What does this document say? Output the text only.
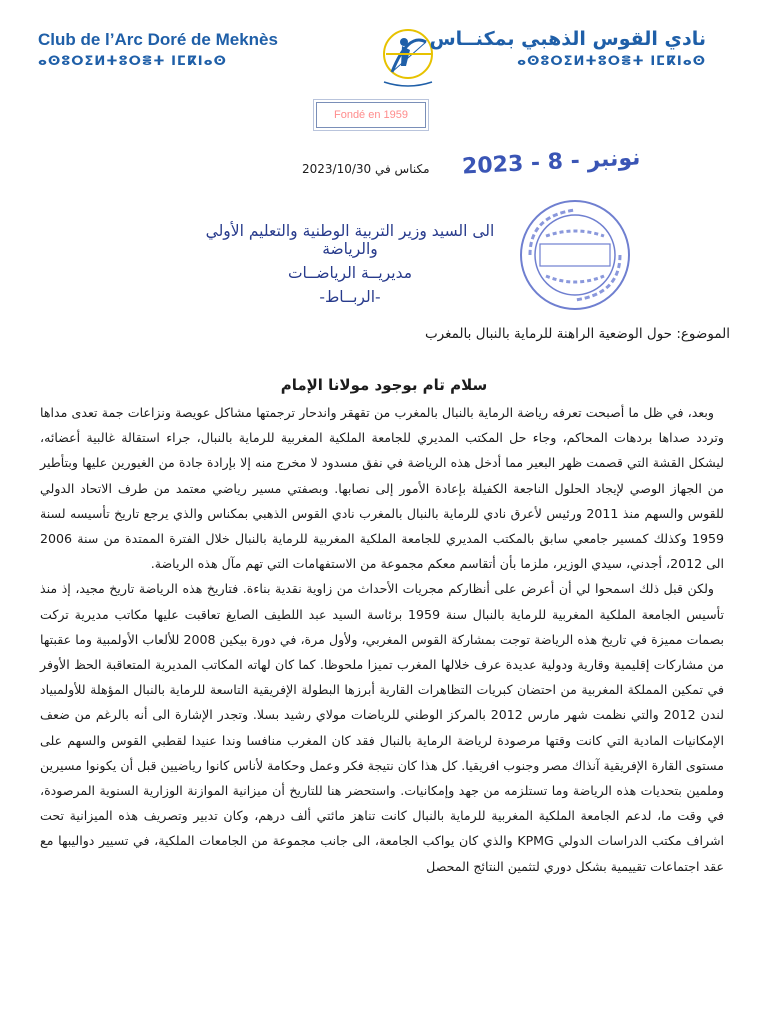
Club de l’Arc Doré de Meknès
ⴰⵙⵓⵔⵉⵍⵜⵓⵔⴻⵜ ⵏⵎⴽⵏⴰⵙ
نادي القوس الذهبي بمكنــاس
ⴰⵙⵓⵔⵉⵍⵜⵓⵔⴻⵜ ⵏⵎⴽⵏⴰⵙ
Fondé en 1959
مكناس في 2023/10/30 2023 - نونبر - 8
الى السيد وزير التربية الوطنية والتعليم الأولي والرياضة
مديريــة الرياضــات
-الربــاط-
الموضوع: حول الوضعية الراهنة للرماية بالنبال بالمغرب
سلام تام بوجود مولانا الإمام

وبعد، في ظل ما أصبحت تعرفه رياضة الرماية بالنبال بالمغرب من تقهقر واندحار ترجمتها مشاكل عويصة ونزاعات جمة تعدى مداها وتردد صداها بردهات المحاكم، وجاء حل المكتب المديري للجامعة الملكية المغربية للرماية بالنبال، جراء استقالة غالبية أعضائه، ليشكل القشة التي قصمت ظهر البعير مما أدخل هذه الرياضة في نفق مسدود لا مخرج منه إلا بإرادة جادة من الغيورين عليها وبتأطير من الجهاز الوصي لإيجاد الحلول الناجعة الكفيلة بإعادة الأمور إلى نصابها. وبصفتي مسير رياضي معتمد من طرف الاتحاد الدولي للقوس والسهم منذ 2011 ورئيس لأعرق نادي للرماية بالنبال بالمغرب نادي القوس الذهبي بمكناس والذي يرجع تاريخ تأسيسه لسنة 1959 وكذلك كمسير جامعي سابق بالمكتب المديري للجامعة الملكية المغربية للرماية بالنبال خلال الفترة الممتدة من سنة 2006 الى 2012، أجدني، سيدي الوزير، ملزما بأن أتقاسم معكم مجموعة من الاستفهامات التي تهم مآل هذه الرياضة.

ولكن قبل ذلك اسمحوا لي أن أعرض على أنظاركم مجريات الأحداث من زاوية نقدية بناءة. فتاريخ هذه الرياضة تاريخ مجيد، إذ منذ تأسيس الجامعة الملكية المغربية للرماية بالنبال سنة 1959 برئاسة السيد عبد اللطيف الصايغ تعاقبت عليها مكاتب مديرية تركت بصمات مميزة في تاريخ هذه الرياضة توجت بمشاركة القوس المغربي، ولأول مرة، في دورة بيكين 2008 للألعاب الأولمبية وما عقبتها من مشاركات إقليمية وقارية ودولية عديدة عرف خلالها المغرب تميزا ملحوظا. كما كان لهاته المكاتب المديرية المتعاقبة الحظ الأوفر في تمكين المملكة المغربية من احتضان كبريات التظاهرات القارية أبرزها البطولة الإفريقية التاسعة للرماية بالنبال المؤهلة للأولمبياد لندن 2012 والتي نظمت شهر مارس 2012 بالمركز الوطني للرياضات مولاي رشيد بسلا. وتجدر الإشارة الى أنه بالرغم من ضعف الإمكانيات المادية التي كانت وقتها مرصودة لرياضة الرماية بالنبال فقد كان المغرب منافسا وندا عنيدا لقطبي القوس والسهم على مستوى القارة الإفريقية آنذاك مصر وجنوب افريقيا. كل هذا كان نتيجة فكر وعمل وحكامة لأناس كانوا رياضيين قبل أن يكونوا مسيرين وملمين بتحديات هذه الرياضة وما تستلزمه من جهد وإمكانيات. واستحضر هنا للتاريخ أن ميزانية الموازنة الوزارية السنوية المرصودة، في وقت ما، لدعم الجامعة الملكية المغربية للرماية بالنبال كانت تناهز مائتي ألف درهم، وكان تدبير وتصريف هذه الميزانية تحت اشراف مكتب الدراسات الدولي KPMG والذي كان يواكب الجامعة، الى جانب مجموعة من الجامعات الملكية، في تسيير دواليبها مع عقد اجتماعات تقييمية بشكل دوري لتثمين النتائج المحصل
